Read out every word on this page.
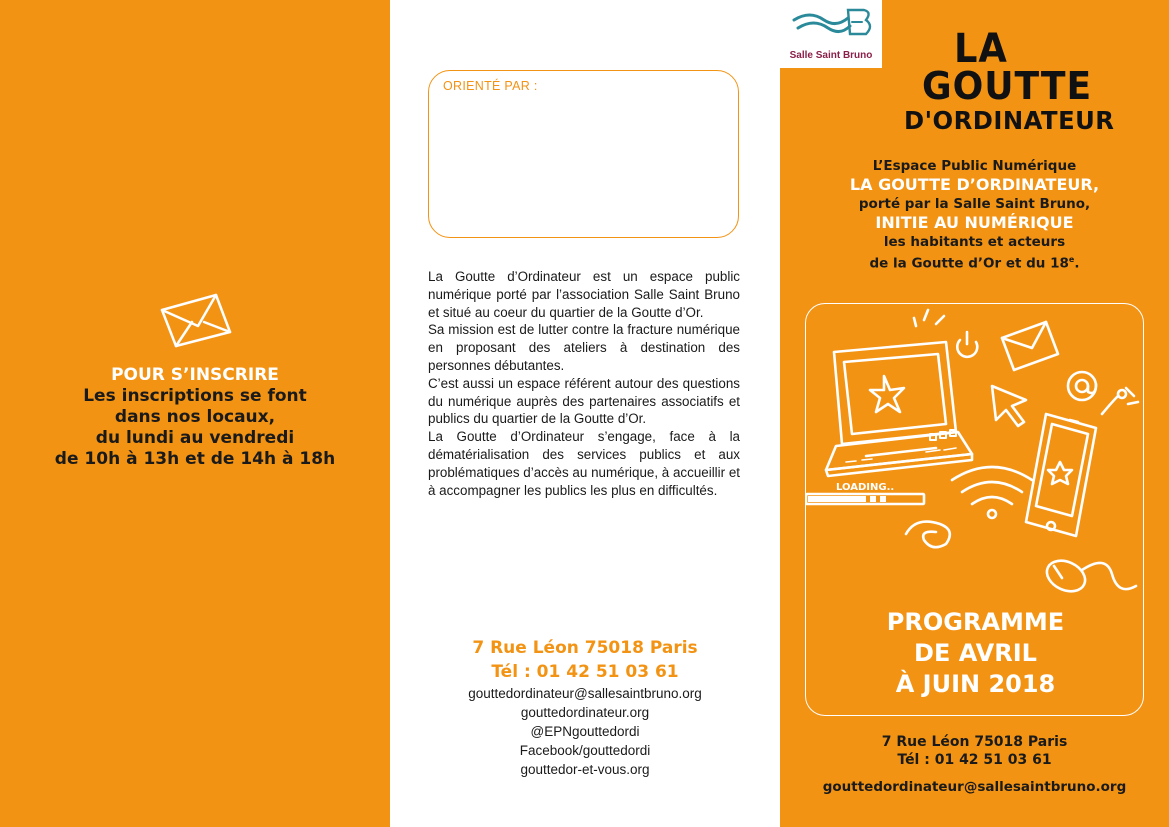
POUR S’INSCRIRE
Les inscriptions se font
dans nos locaux,
du lundi au vendredi
de 10h à 13h et de 14h à 18h
ORIENTÉ PAR :

La Goutte d’Ordinateur est un espace public numérique porté par l’association Salle Saint Bruno et situé au coeur du quartier de la Goutte d’Or.

Sa mission est de lutter contre la fracture numérique en proposant des ateliers à destination des personnes débutantes.

C’est aussi un espace référent autour des questions du numérique auprès des partenaires associatifs et publics du quartier de la Goutte d’Or.

La Goutte d’Ordinateur s’engage, face à la dématérialisation des services publics et aux problématiques d’accès au numérique, à accueillir et à accompagner les publics les plus en difficultés.

7 Rue Léon 75018 Paris
Tél : 01 42 51 03 61
gouttedordinateur@sallesaintbruno.org
gouttedordinateur.org
@EPNgouttedordi
Facebook/gouttedordi
gouttedor-et-vous.org
LA
GOUTTE
D'ORDINATEUR
L’Espace Public Numérique
LA GOUTTE D’ORDINATEUR,
porté par la Salle Saint Bruno,
INITIE AU NUMÉRIQUE
les habitants et acteurs
de la Goutte d’Or et du 18e.
LOADING..
PROGRAMME
DE AVRIL
À JUIN 2018
7 Rue Léon 75018 Paris
Tél : 01 42 51 03 61
gouttedordinateur@sallesaintbruno.org
Salle Saint Bruno
